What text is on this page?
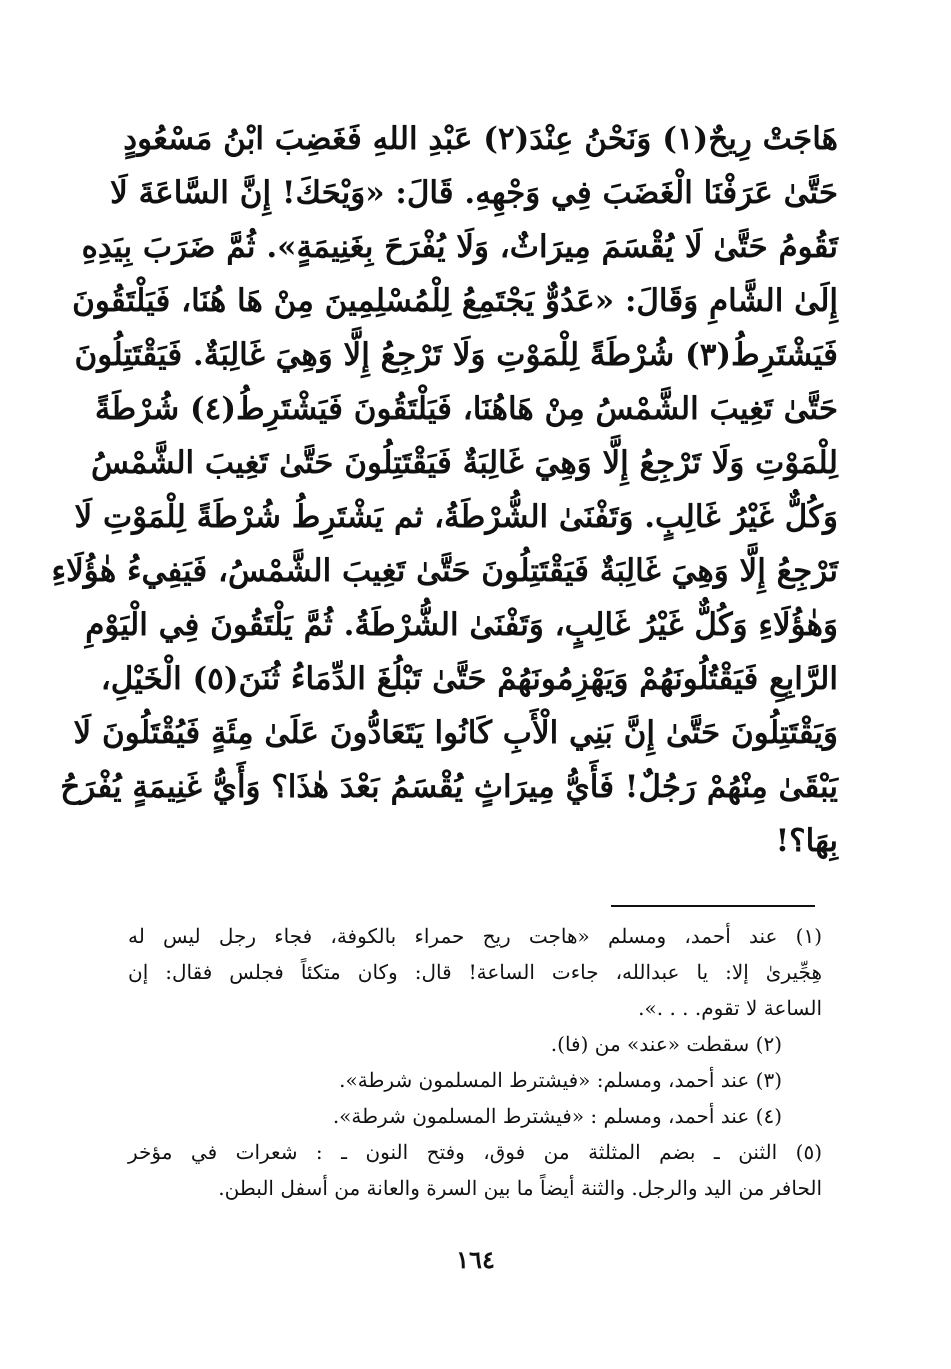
هَاجَتْ رِيحٌ(١) وَنَحْنُ عِنْدَ(٢) عَبْدِ اللهِ فَغَضِبَ ابْنُ مَسْعُودٍ
حَتَّىٰ عَرَفْنَا الْغَضَبَ فِي وَجْهِهِ. قَالَ: «وَيْحَكَ! إِنَّ السَّاعَةَ لَا
تَقُومُ حَتَّىٰ لَا يُقْسَمَ مِيرَاثٌ، وَلَا يُفْرَحَ بِغَنِيمَةٍ». ثُمَّ ضَرَبَ بِيَدِهِ
إِلَىٰ الشَّامِ وَقَالَ: «عَدُوٌّ يَجْتَمِعُ لِلْمُسْلِمِينَ مِنْ هَا هُنَا، فَيَلْتَقُونَ
فَيَشْتَرِطُ(٣) شُرْطَةً لِلْمَوْتِ وَلَا تَرْجِعُ إِلَّا وَهِيَ غَالِبَةٌ. فَيَقْتَتِلُونَ
حَتَّىٰ تَغِيبَ الشَّمْسُ مِنْ هَاهُنَا، فَيَلْتَقُونَ فَيَشْتَرِطُ(٤) شُرْطَةً
لِلْمَوْتِ وَلَا تَرْجِعُ إِلَّا وَهِيَ غَالِبَةٌ فَيَقْتَتِلُونَ حَتَّىٰ تَغِيبَ الشَّمْسُ
وَكُلٌّ غَيْرُ غَالِبٍ. وَتَفْنَىٰ الشُّرْطَةُ، ثم يَشْتَرِطُ شُرْطَةً لِلْمَوْتِ لَا
تَرْجِعُ إِلَّا وَهِيَ غَالِبَةٌ فَيَقْتَتِلُونَ حَتَّىٰ تَغِيبَ الشَّمْسُ، فَيَفِيءُ هٰؤُلَاءِ
وَهٰؤُلَاءِ وَكُلٌّ غَيْرُ غَالِبٍ، وَتَفْنَىٰ الشُّرْطَةُ. ثُمَّ يَلْتَقُونَ فِي الْيَوْمِ
الرَّابِعِ فَيَقْتُلُونَهُمْ وَيَهْزِمُونَهُمْ حَتَّىٰ تَبْلُغَ الدِّمَاءُ ثُنَنَ(٥) الْخَيْلِ،
وَيَقْتَتِلُونَ حَتَّىٰ إِنَّ بَنِي الْأَبِ كَانُوا يَتَعَادُّونَ عَلَىٰ مِئَةٍ فَيُقْتَلُونَ لَا
يَبْقَىٰ مِنْهُمْ رَجُلٌ! فَأَيُّ مِيرَاثٍ يُقْسَمُ بَعْدَ هٰذَا؟ وَأَيُّ غَنِيمَةٍ يُفْرَحُ
بِهَا؟!
(١) عند أحمد، ومسلم «هاجت ريح حمراء بالكوفة، فجاء رجل ليس له
هِجِّيرىٰ إلا: يا عبدالله، جاءت الساعة! قال: وكان متكئاً فجلس فقال: إن
الساعة لا تقوم. . . .».
(٢) سقطت «عند» من (فا).
(٣) عند أحمد، ومسلم: «فيشترط المسلمون شرطة».
(٤) عند أحمد، ومسلم : «فيشترط المسلمون شرطة».
(٥) الثنن ـ بضم المثلثة من فوق، وفتح النون ـ : شعرات في مؤخر
الحافر من اليد والرجل. والثنة أيضاً ما بين السرة والعانة من أسفل البطن.
١٦٤
